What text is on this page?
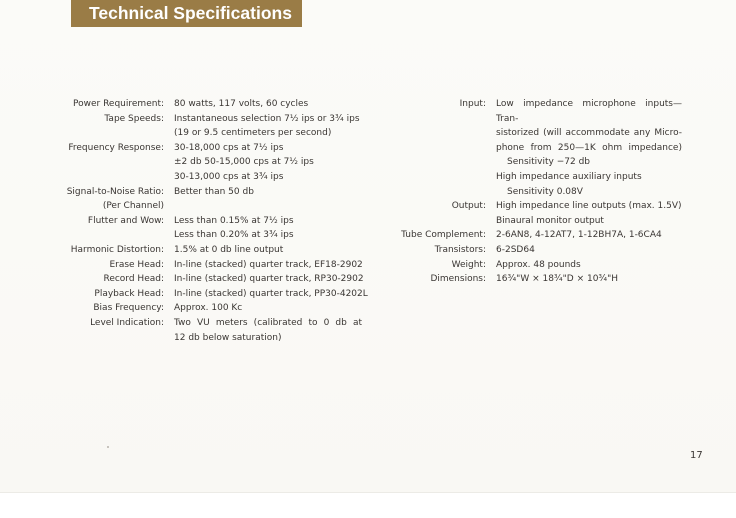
Technical Specifications
Power Requirement:	80 watts, 117 volts, 60 cycles
Tape Speeds:	Instantaneous selection 7½ ips or 3¾ ips
(19 or 9.5 centimeters per second)
Frequency Response:	30-18,000 cps at 7½ ips
±2 db 50-15,000 cps at 7½ ips
30-13,000 cps at 3¾ ips
Signal-to-Noise Ratio:	Better than 50 db
(Per Channel)

Flutter and Wow:	Less than 0.15% at 7½ ips
Less than 0.20% at 3¾ ips
Harmonic Distortion:	1.5% at 0 db line output
Erase Head:	In-line (stacked) quarter track, EF18-2902
Record Head:	In-line (stacked) quarter track, RP30-2902
Playback Head:	In-line (stacked) quarter track, PP30-4202L
Bias Frequency:	Approx. 100 Kc
Level Indication:	Two VU meters (calibrated to 0 db at
12 db below saturation)
Input:	Low impedance microphone inputs—Tran-
sistorized (will accommodate any Micro-
phone from 250—1K ohm impedance)
Sensitivity −72 db
High impedance auxiliary inputs
Sensitivity 0.08V
Output:	High impedance line outputs (max. 1.5V)
Binaural monitor output
Tube Complement:	2-6AN8, 4-12AT7, 1-12BH7A, 1-6CA4
Transistors:	6-2SD64
Weight:	Approx. 48 pounds
Dimensions:	16¾"W × 18¾"D × 10¾"H
17
